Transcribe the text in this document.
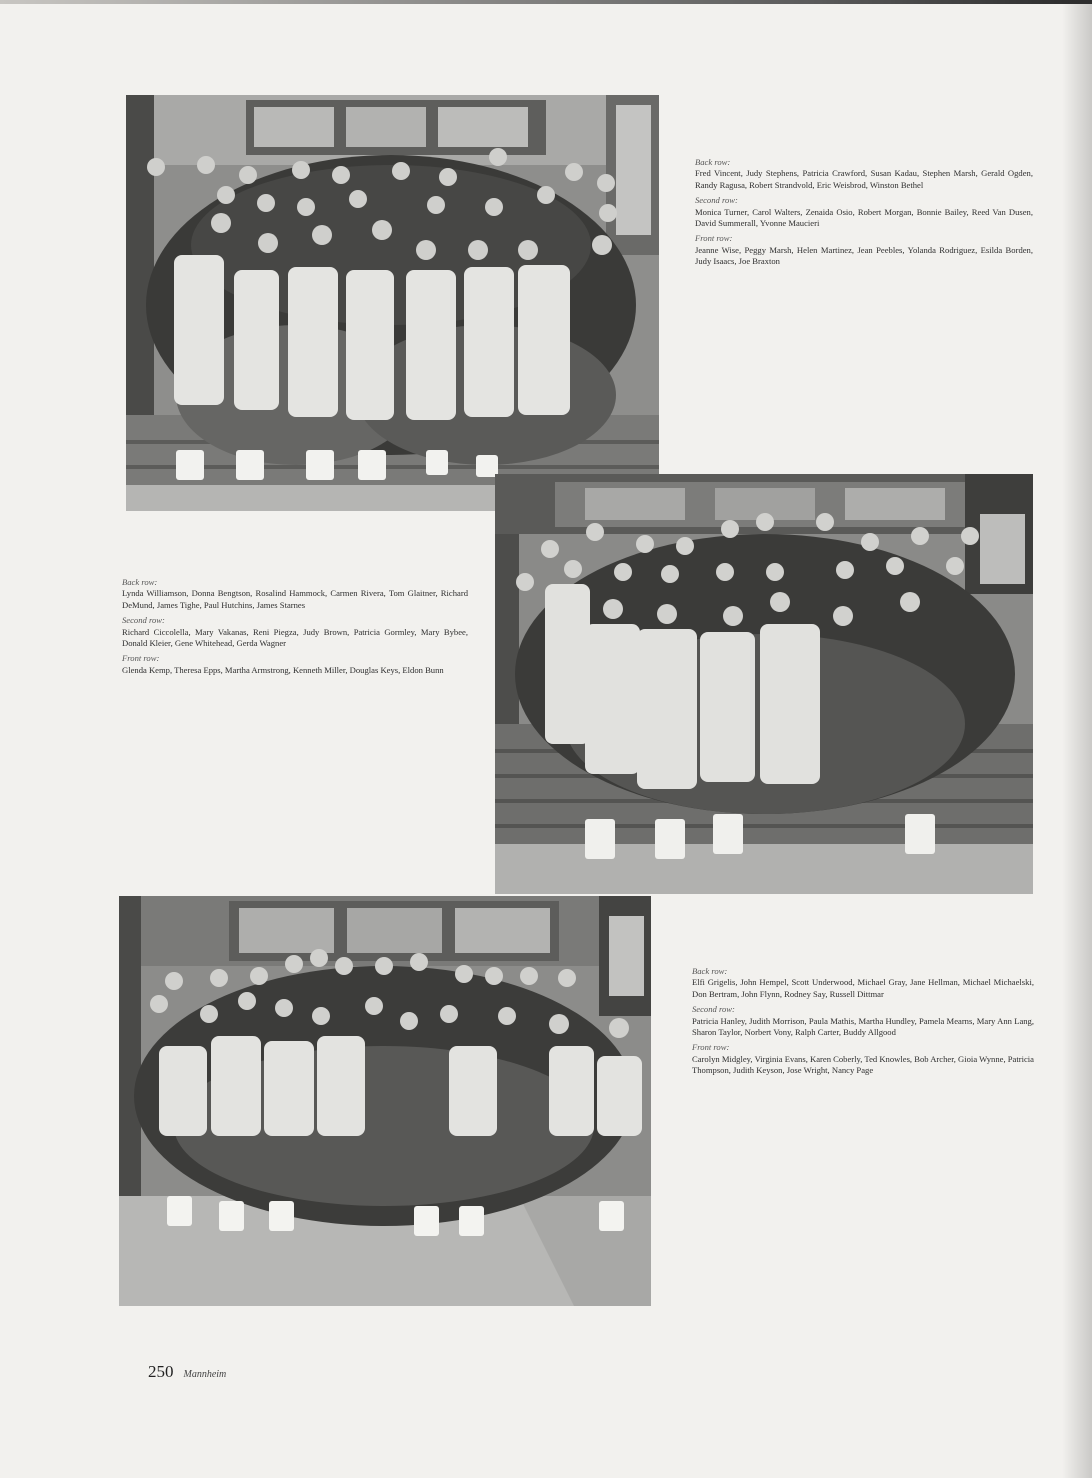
Back row:
Fred Vincent, Judy Stephens, Patricia Crawford, Susan Kadau, Stephen Marsh, Gerald Ogden, Randy Ragusa, Robert Strandvold, Eric Weisbrod, Winston Bethel
Second row:
Monica Turner, Carol Walters, Zenaida Osio, Robert Morgan, Bonnie Bailey, Reed Van Dusen, David Summerall, Yvonne Maucieri
Front row:
Jeanne Wise, Peggy Marsh, Helen Martinez, Jean Peebles, Yolanda Rodriguez, Esilda Borden, Judy Isaacs, Joe Braxton
Back row:
Lynda Williamson, Donna Bengtson, Rosalind Hammock, Carmen Rivera, Tom Glaitner, Richard DeMund, James Tighe, Paul Hutchins, James Starnes
Second row:
Richard Ciccolella, Mary Vakanas, Reni Piegza, Judy Brown, Patricia Gormley, Mary Bybee, Donald Kleier, Gene Whitehead, Gerda Wagner
Front row:
Glenda Kemp, Theresa Epps, Martha Armstrong, Kenneth Miller, Douglas Keys, Eldon Bunn
Back row:
Elfi Grigelis, John Hempel, Scott Underwood, Michael Gray, Jane Hellman, Michael Michaelski, Don Bertram, John Flynn, Rodney Say, Russell Dittmar
Second row:
Patricia Hanley, Judith Morrison, Paula Mathis, Martha Hundley, Pamela Mearns, Mary Ann Lang, Sharon Taylor, Norbert Vony, Ralph Carter, Buddy Allgood
Front row:
Carolyn Midgley, Virginia Evans, Karen Coberly, Ted Knowles, Bob Archer, Gioia Wynne, Patricia Thompson, Judith Keyson, Jose Wright, Nancy Page
250 Mannheim
